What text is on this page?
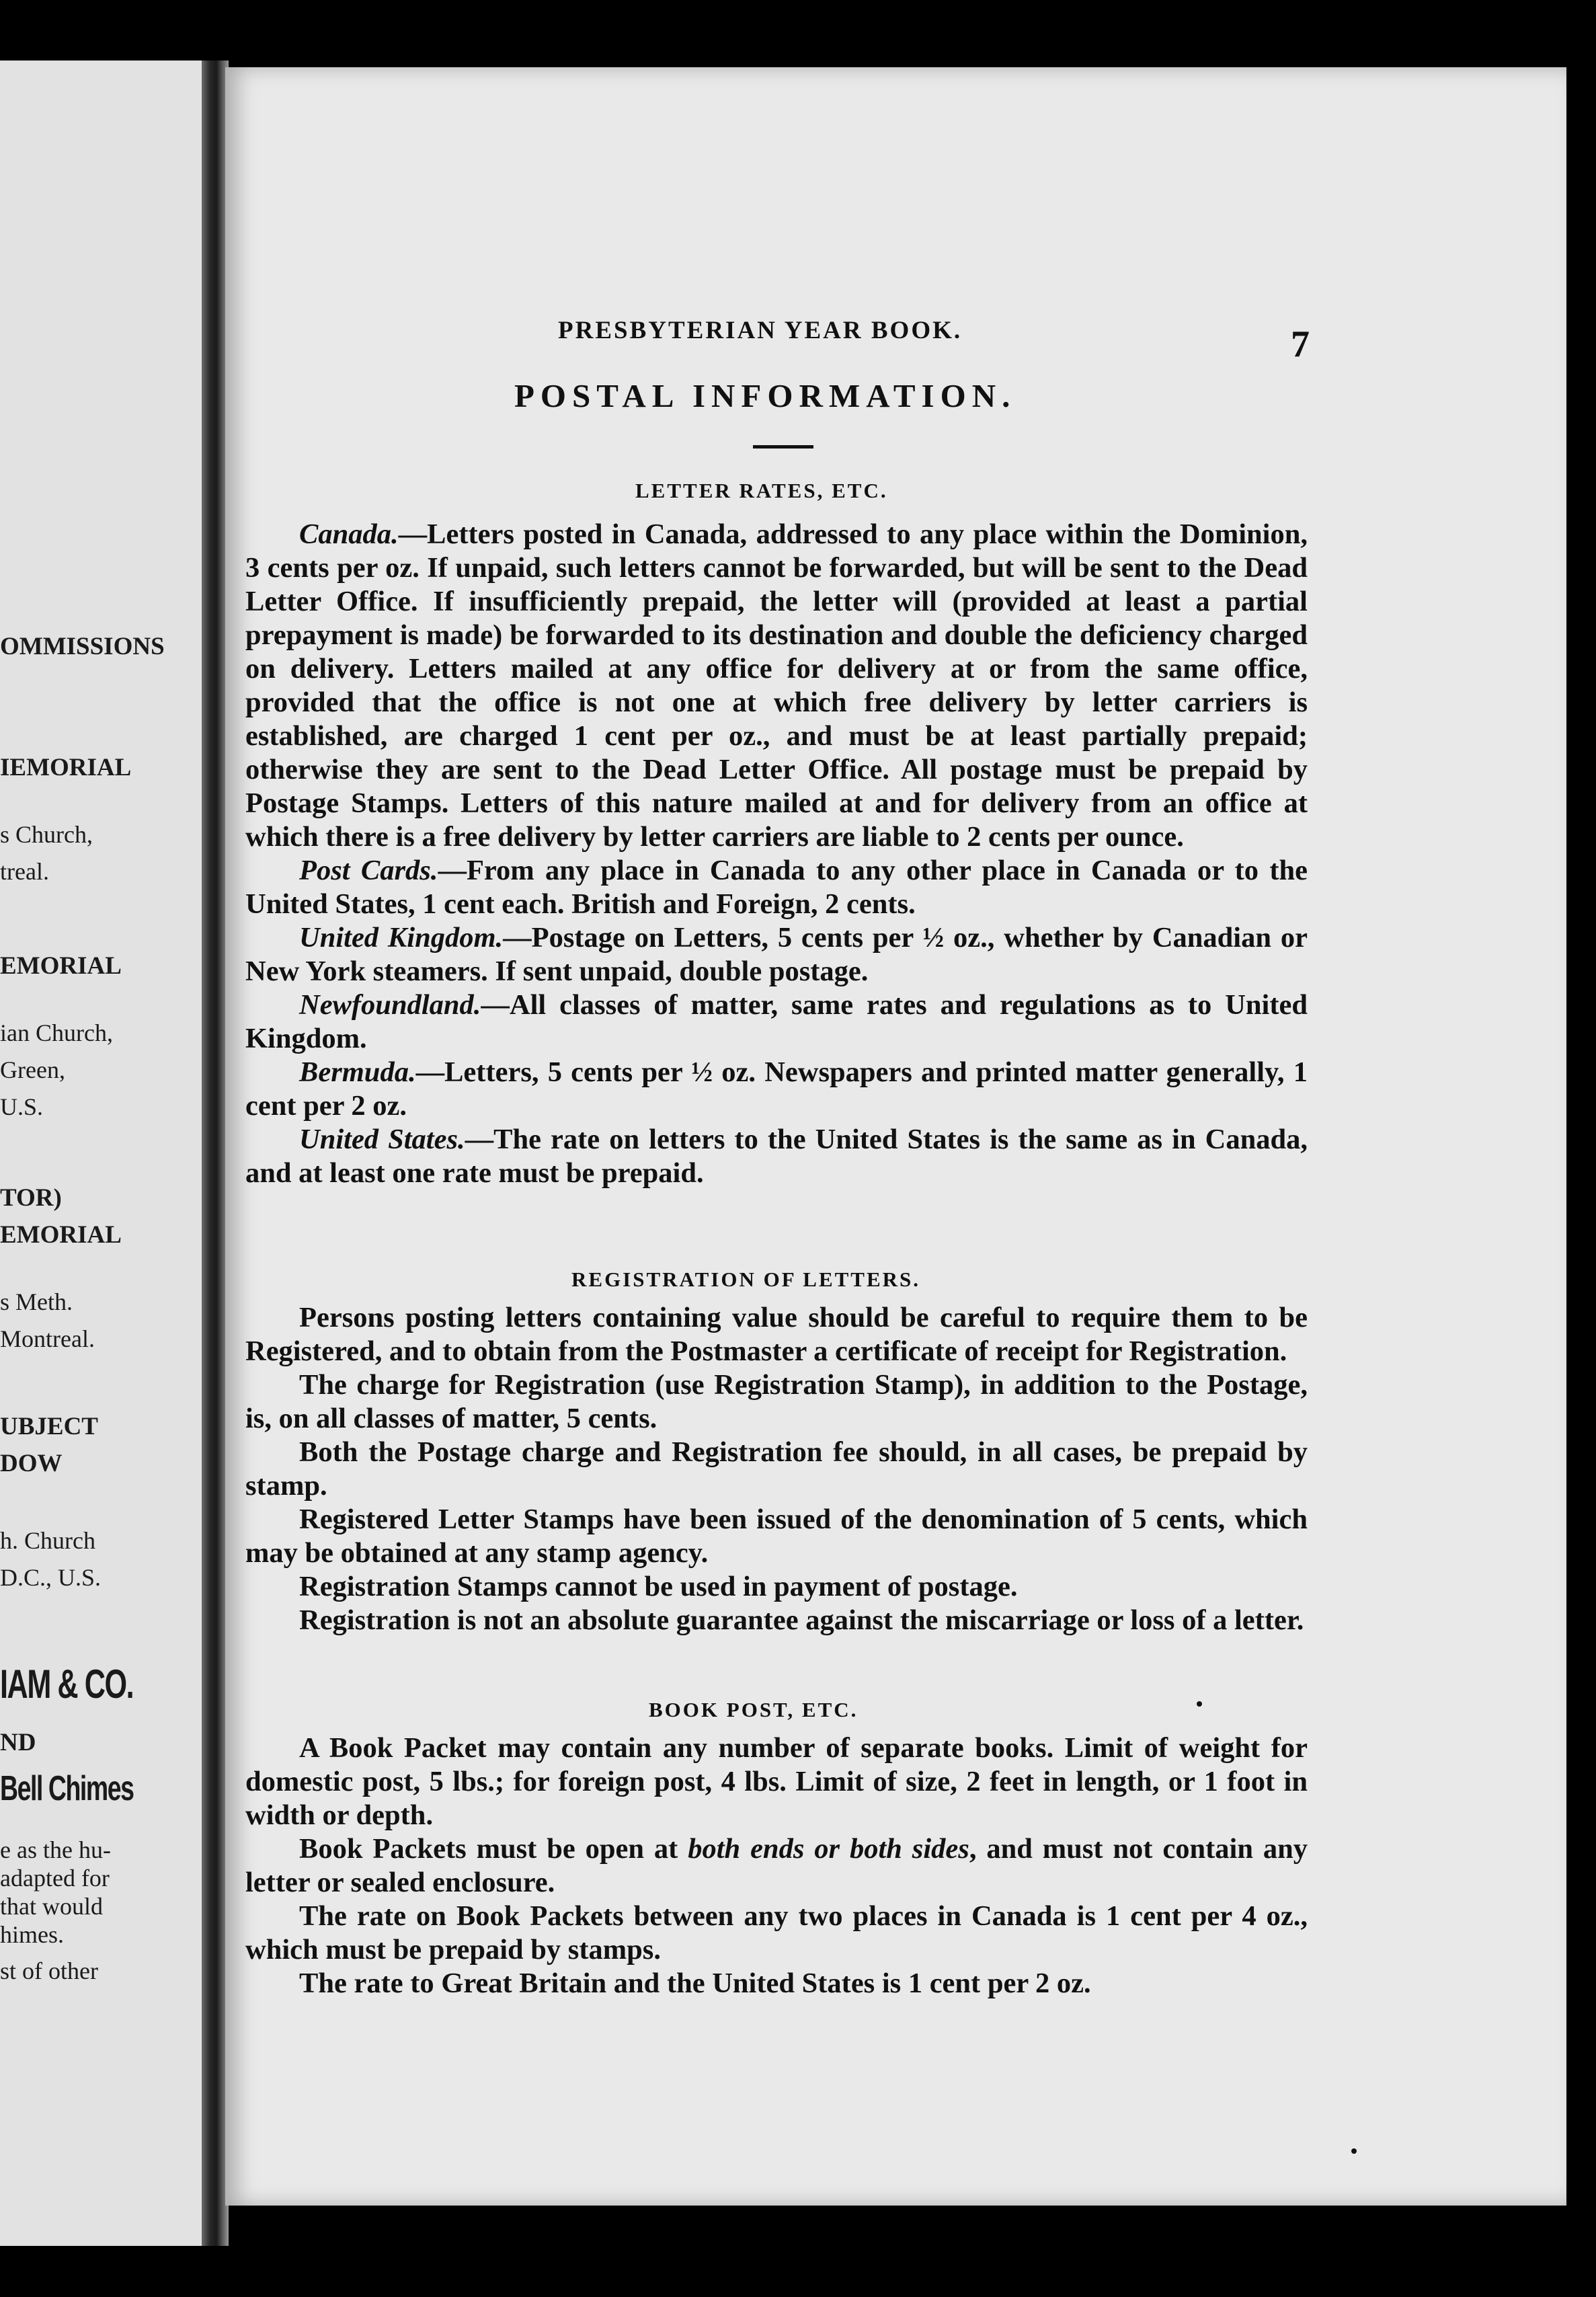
OMMISSIONS
IEMORIAL
s Church,
treal.
EMORIAL
ian Church,
Green,
U.S.
TOR)
EMORIAL
s Meth.
Montreal.
UBJECT
DOW
h. Church
D.C., U.S.
IAM & CO.
ND
Bell Chimes
e as the hu-
adapted for
that would
himes.
st of other
PRESBYTERIAN YEAR BOOK.	7
POSTAL INFORMATION.
LETTER RATES, ETC.

Canada.—Letters posted in Canada, addressed to any place within the Dominion, 3 cents per oz. If unpaid, such letters cannot be forwarded, but will be sent to the Dead Letter Office. If insufficiently prepaid, the letter will (provided at least a partial prepayment is made) be forwarded to its destination and double the deficiency charged on delivery. Letters mailed at any office for delivery at or from the same office, provided that the office is not one at which free delivery by letter carriers is established, are charged 1 cent per oz., and must be at least partially prepaid; otherwise they are sent to the Dead Letter Office. All postage must be prepaid by Postage Stamps. Letters of this nature mailed at and for delivery from an office at which there is a free delivery by letter carriers are liable to 2 cents per ounce.

Post Cards.—From any place in Canada to any other place in Canada or to the United States, 1 cent each. British and Foreign, 2 cents.

United Kingdom.—Postage on Letters, 5 cents per ½ oz., whether by Canadian or New York steamers. If sent unpaid, double postage.

Newfoundland.—All classes of matter, same rates and regulations as to United Kingdom.

Bermuda.—Letters, 5 cents per ½ oz. Newspapers and printed matter generally, 1 cent per 2 oz.

United States.—The rate on letters to the United States is the same as in Canada, and at least one rate must be prepaid.

REGISTRATION OF LETTERS.

Persons posting letters containing value should be careful to require them to be Registered, and to obtain from the Postmaster a certificate of receipt for Registration.

The charge for Registration (use Registration Stamp), in addition to the Postage, is, on all classes of matter, 5 cents.

Both the Postage charge and Registration fee should, in all cases, be prepaid by stamp.

Registered Letter Stamps have been issued of the denomination of 5 cents, which may be obtained at any stamp agency.

Registration Stamps cannot be used in payment of postage.

Registration is not an absolute guarantee against the miscarriage or loss of a letter.

BOOK POST, ETC.

A Book Packet may contain any number of separate books. Limit of weight for domestic post, 5 lbs.; for foreign post, 4 lbs. Limit of size, 2 feet in length, or 1 foot in width or depth.

Book Packets must be open at both ends or both sides, and must not contain any letter or sealed enclosure.

The rate on Book Packets between any two places in Canada is 1 cent per 4 oz., which must be prepaid by stamps.

The rate to Great Britain and the United States is 1 cent per 2 oz.
